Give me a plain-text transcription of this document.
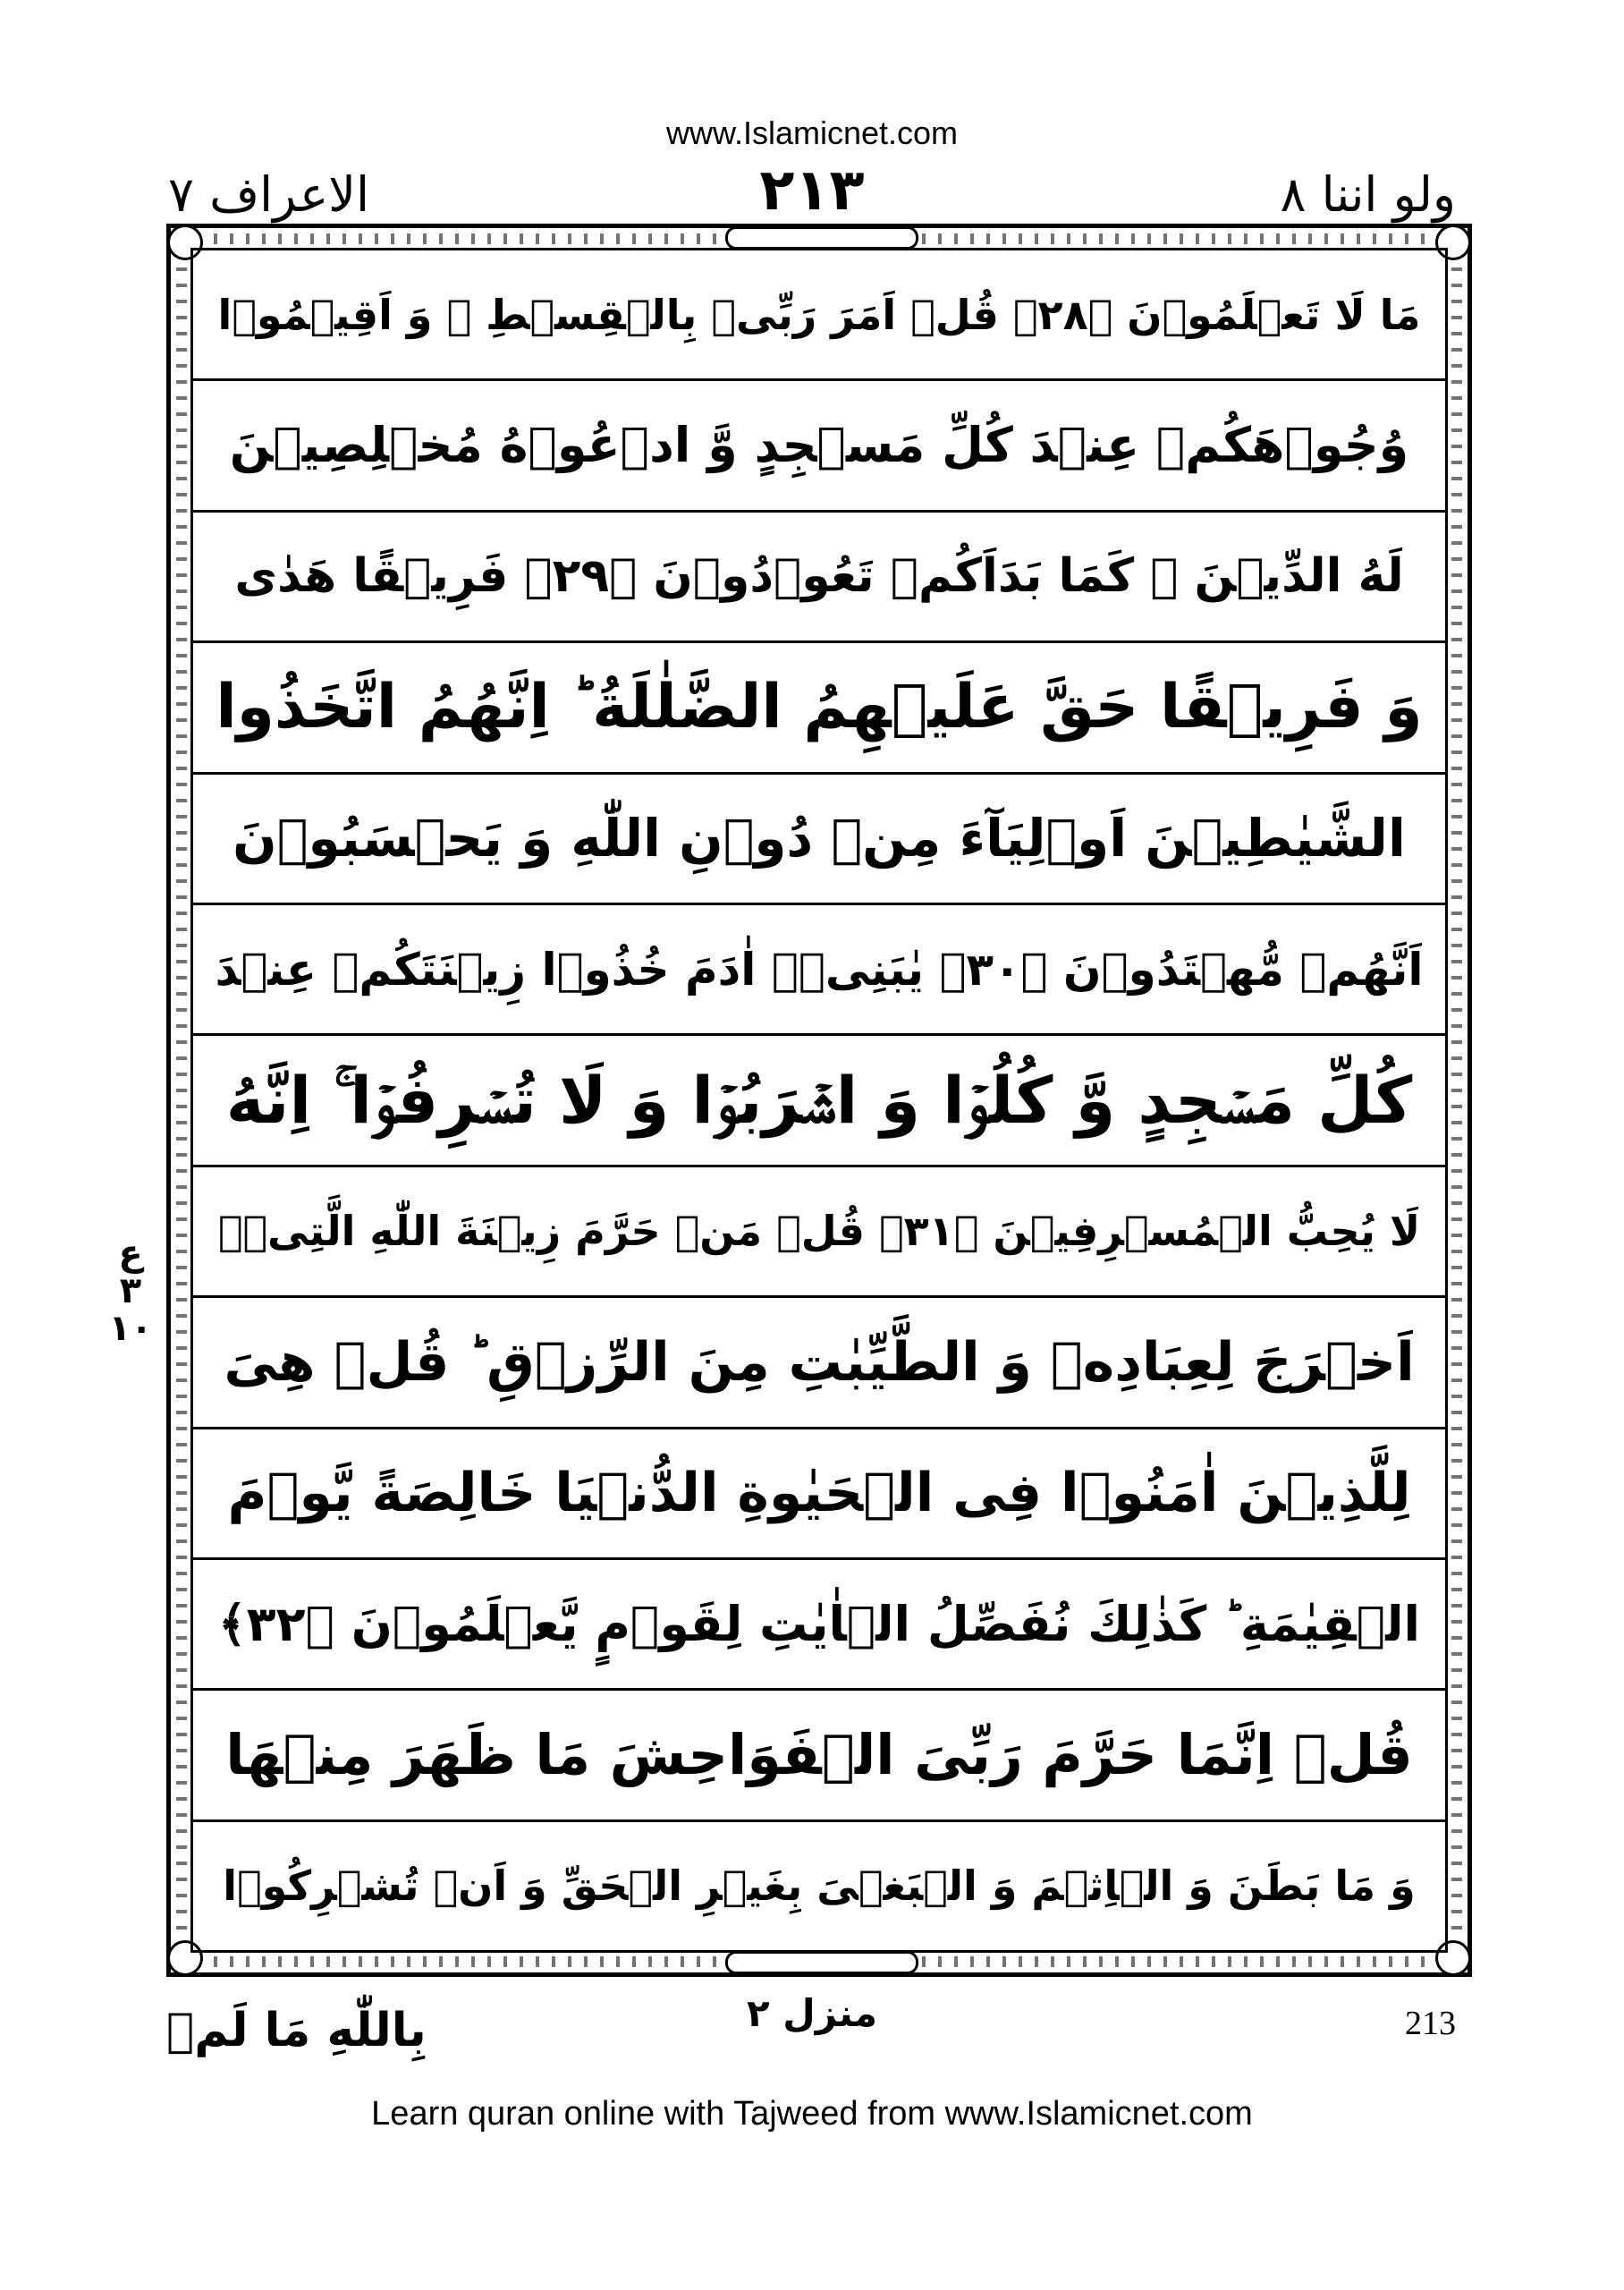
www.Islamicnet.com
الاعراف ۷	٢١٣	ولو اننا ۸
مَا لَا تَعۡلَمُوۡنَ ﴿۲۸﴾ قُلۡ اَمَرَ رَبِّیۡ بِالۡقِسۡطِ ۟ وَ اَقِیۡمُوۡا
وُجُوۡهَكُمۡ عِنۡدَ كُلِّ مَسۡجِدٍ وَّ ادۡعُوۡهُ مُخۡلِصِیۡنَ
لَهُ الدِّیۡنَ ۬ كَمَا بَدَاَكُمۡ تَعُوۡدُوۡنَ ﴿۲۹﴾ فَرِیۡقًا هَدٰی
وَ فَرِیۡقًا حَقَّ عَلَیۡهِمُ الضَّلٰلَةُ ؕ اِنَّهُمُ اتَّخَذُوا
الشَّیٰطِیۡنَ اَوۡلِیَآءَ مِنۡ دُوۡنِ اللّٰهِ وَ یَحۡسَبُوۡنَ
اَنَّهُمۡ مُّهۡتَدُوۡنَ ﴿۳۰﴾ یٰبَنِیۡۤ اٰدَمَ خُذُوۡا زِیۡنَتَكُمۡ عِنۡدَ
كُلِّ مَسۡجِدٍ وَّ كُلُوۡا وَ اشۡرَبُوۡا وَ لَا تُسۡرِفُوۡا ۚ اِنَّهُ
لَا یُحِبُّ الۡمُسۡرِفِیۡنَ ﴿۳۱﴾ قُلۡ مَنۡ حَرَّمَ زِیۡنَةَ اللّٰهِ الَّتِیۡۤ
اَخۡرَجَ لِعِبَادِهٖ وَ الطَّیِّبٰتِ مِنَ الرِّزۡقِ ؕ قُلۡ هِیَ
لِلَّذِیۡنَ اٰمَنُوۡا فِی الۡحَیٰوةِ الدُّنۡیَا خَالِصَةً یَّوۡمَ
الۡقِیٰمَةِ ؕ كَذٰلِكَ نُفَصِّلُ الۡاٰیٰتِ لِقَوۡمٍ یَّعۡلَمُوۡنَ ﴿۳۲﴾
قُلۡ اِنَّمَا حَرَّمَ رَبِّیَ الۡفَوَاحِشَ مَا ظَهَرَ مِنۡهَا
وَ مَا بَطَنَ وَ الۡاِثۡمَ وَ الۡبَغۡیَ بِغَیۡرِ الۡحَقِّ وَ اَنۡ تُشۡرِكُوۡا
ع ۳ ۱۰
بِاللّٰهِ مَا لَمۡ	منزل ۲	213
Learn quran online with Tajweed from www.Islamicnet.com
